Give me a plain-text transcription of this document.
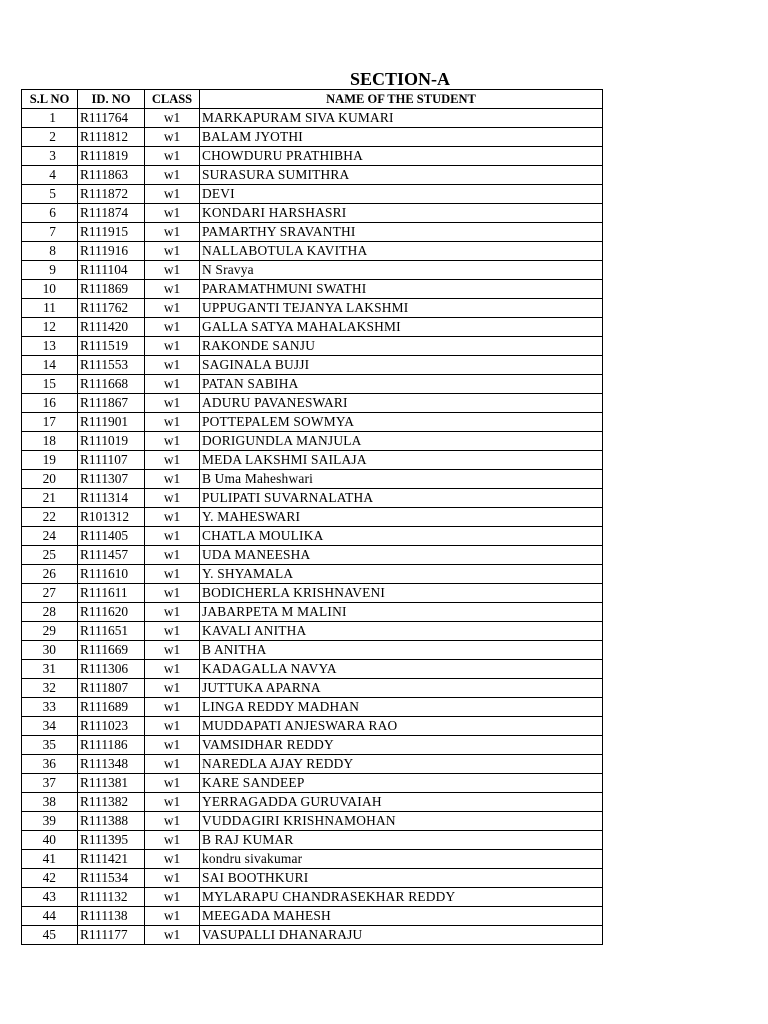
SECTION-A
S.L NO	ID. NO	CLASS	NAME OF THE STUDENT
1	R111764	w1	MARKAPURAM SIVA KUMARI
2	R111812	w1	BALAM JYOTHI
3	R111819	w1	CHOWDURU PRATHIBHA
4	R111863	w1	SURASURA SUMITHRA
5	R111872	w1	DEVI
6	R111874	w1	KONDARI HARSHASRI
7	R111915	w1	PAMARTHY SRAVANTHI
8	R111916	w1	NALLABOTULA KAVITHA
9	R111104	w1	N Sravya
10	R111869	w1	PARAMATHMUNI SWATHI
11	R111762	w1	UPPUGANTI TEJANYA LAKSHMI
12	R111420	w1	GALLA SATYA MAHALAKSHMI
13	R111519	w1	RAKONDE SANJU
14	R111553	w1	SAGINALA BUJJI
15	R111668	w1	PATAN SABIHA
16	R111867	w1	ADURU PAVANESWARI
17	R111901	w1	POTTEPALEM SOWMYA
18	R111019	w1	DORIGUNDLA MANJULA
19	R111107	w1	MEDA LAKSHMI SAILAJA
20	R111307	w1	B Uma Maheshwari
21	R111314	w1	PULIPATI SUVARNALATHA
22	R101312	w1	Y. MAHESWARI
24	R111405	w1	CHATLA MOULIKA
25	R111457	w1	UDA MANEESHA
26	R111610	w1	Y. SHYAMALA
27	R111611	w1	BODICHERLA KRISHNAVENI
28	R111620	w1	JABARPETA M MALINI
29	R111651	w1	KAVALI ANITHA
30	R111669	w1	B ANITHA
31	R111306	w1	KADAGALLA NAVYA
32	R111807	w1	JUTTUKA APARNA
33	R111689	w1	LINGA REDDY MADHAN
34	R111023	w1	MUDDAPATI ANJESWARA RAO
35	R111186	w1	VAMSIDHAR REDDY
36	R111348	w1	NAREDLA AJAY REDDY
37	R111381	w1	KARE SANDEEP
38	R111382	w1	YERRAGADDA GURUVAIAH
39	R111388	w1	VUDDAGIRI KRISHNAMOHAN
40	R111395	w1	B RAJ KUMAR
41	R111421	w1	kondru sivakumar
42	R111534	w1	SAI BOOTHKURI
43	R111132	w1	MYLARAPU CHANDRASEKHAR REDDY
44	R111138	w1	MEEGADA MAHESH
45	R111177	w1	VASUPALLI DHANARAJU
